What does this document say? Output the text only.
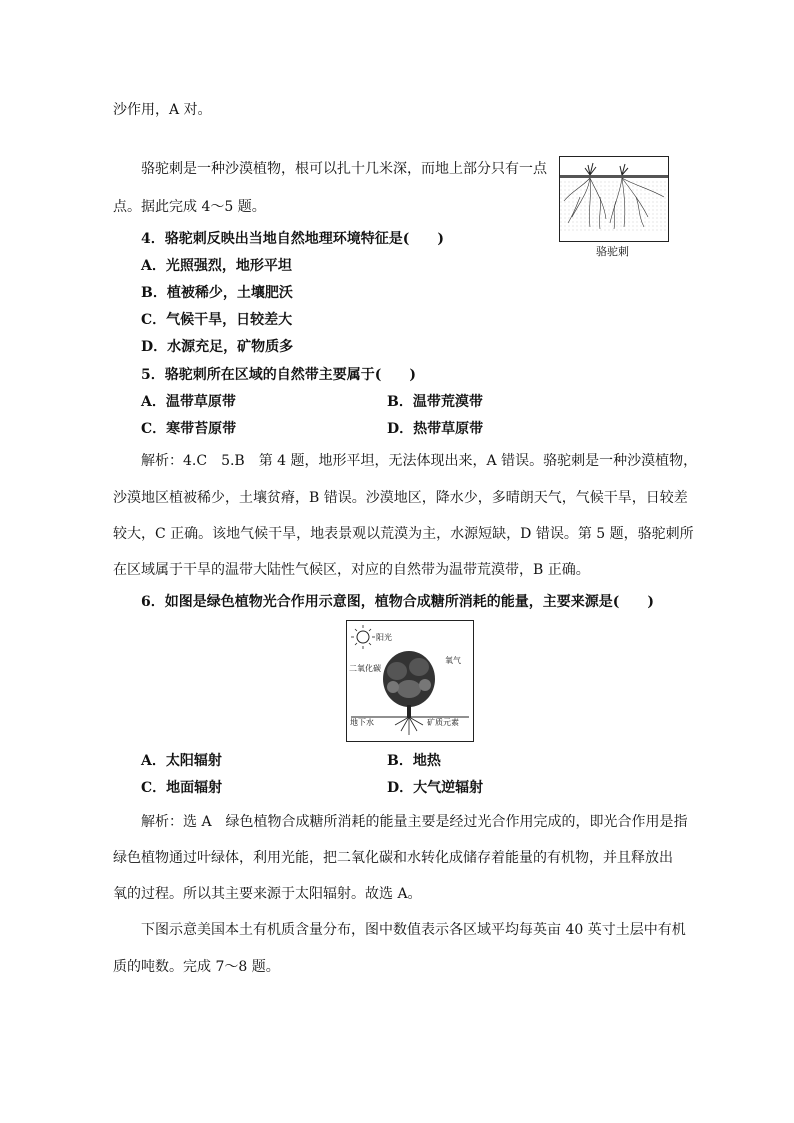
沙作用，A 对。
骆驼刺是一种沙漠植物，根可以扎十几米深，而地上部分只有一点
点。据此完成 4～5 题。
4．骆驼刺反映出当地自然地理环境特征是(　　)
A．光照强烈，地形平坦
B．植被稀少，土壤肥沃
C．气候干旱，日较差大
D．水源充足，矿物质多
5．骆驼刺所在区域的自然带主要属于(　　)
A．温带草原带	B．温带荒漠带
C．寒带苔原带	D．热带草原带
解析：4.C　5.B　第 4 题，地形平坦，无法体现出来，A 错误。骆驼刺是一种沙漠植物，
沙漠地区植被稀少，土壤贫瘠，B 错误。沙漠地区，降水少，多晴朗天气，气候干旱，日较差
较大，C 正确。该地气候干旱，地表景观以荒漠为主，水源短缺，D 错误。第 5 题，骆驼刺所
在区域属于干旱的温带大陆性气候区，对应的自然带为温带荒漠带，B 正确。
6．如图是绿色植物光合作用示意图，植物合成糖所消耗的能量，主要来源是(　　)
A．太阳辐射	B．地热
C．地面辐射	D．大气逆辐射
解析：选 A　绿色植物合成糖所消耗的能量主要是经过光合作用完成的，即光合作用是指
绿色植物通过叶绿体，利用光能，把二氧化碳和水转化成储存着能量的有机物，并且释放出
氧的过程。所以其主要来源于太阳辐射。故选 A。
下图示意美国本土有机质含量分布，图中数值表示各区域平均每英亩 40 英寸土层中有机
质的吨数。完成 7～8 题。
骆驼刺
阳光
二氧化碳
氧气
地下水	矿质元素
